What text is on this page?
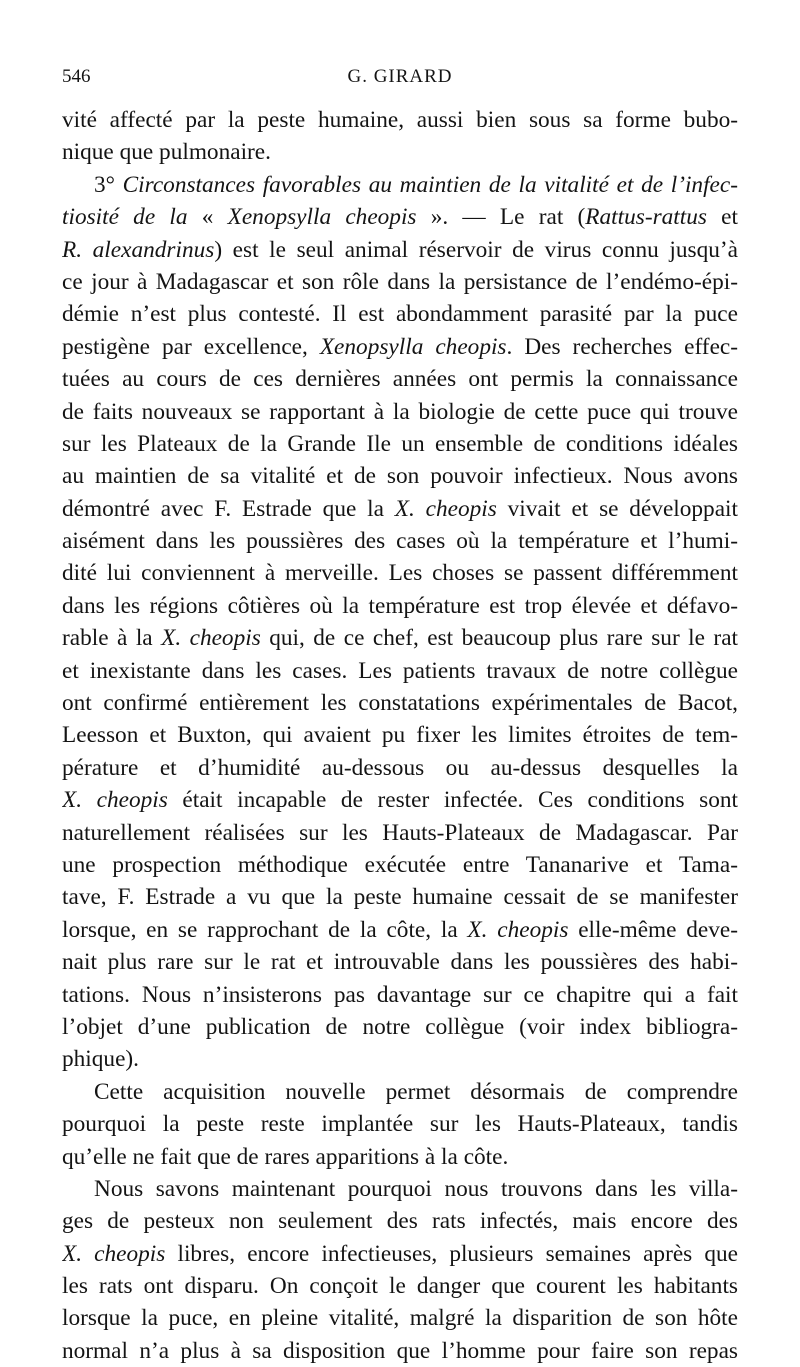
546	G. GIRARD
vité affecté par la peste humaine, aussi bien sous sa forme bubo-
nique que pulmonaire.
3° Circonstances favorables au maintien de la vitalité et de l’infec-
tiosité de la « Xenopsylla cheopis ». — Le rat (Rattus-rattus et
R. alexandrinus) est le seul animal réservoir de virus connu jusqu’à
ce jour à Madagascar et son rôle dans la persistance de l’endémo-épi-
démie n’est plus contesté. Il est abondamment parasité par la puce
pestigène par excellence, Xenopsylla cheopis. Des recherches effec-
tuées au cours de ces dernières années ont permis la connaissance
de faits nouveaux se rapportant à la biologie de cette puce qui trouve
sur les Plateaux de la Grande Ile un ensemble de conditions idéales
au maintien de sa vitalité et de son pouvoir infectieux. Nous avons
démontré avec F. Estrade que la X. cheopis vivait et se développait
aisément dans les poussières des cases où la température et l’humi-
dité lui conviennent à merveille. Les choses se passent différemment
dans les régions côtières où la température est trop élevée et défavo-
rable à la X. cheopis qui, de ce chef, est beaucoup plus rare sur le rat
et inexistante dans les cases. Les patients travaux de notre collègue
ont confirmé entièrement les constatations expérimentales de Bacot,
Leesson et Buxton, qui avaient pu fixer les limites étroites de tem-
pérature et d’humidité au-dessous ou au-dessus desquelles la
X. cheopis était incapable de rester infectée. Ces conditions sont
naturellement réalisées sur les Hauts-Plateaux de Madagascar. Par
une prospection méthodique exécutée entre Tananarive et Tama-
tave, F. Estrade a vu que la peste humaine cessait de se manifester
lorsque, en se rapprochant de la côte, la X. cheopis elle-même deve-
nait plus rare sur le rat et introuvable dans les poussières des habi-
tations. Nous n’insisterons pas davantage sur ce chapitre qui a fait
l’objet d’une publication de notre collègue (voir index bibliogra-
phique).
Cette acquisition nouvelle permet désormais de comprendre
pourquoi la peste reste implantée sur les Hauts-Plateaux, tandis
qu’elle ne fait que de rares apparitions à la côte.
Nous savons maintenant pourquoi nous trouvons dans les villa-
ges de pesteux non seulement des rats infectés, mais encore des
X. cheopis libres, encore infectieuses, plusieurs semaines après que
les rats ont disparu. On conçoit le danger que courent les habitants
lorsque la puce, en pleine vitalité, malgré la disparition de son hôte
normal n’a plus à sa disposition que l’homme pour faire son repas
